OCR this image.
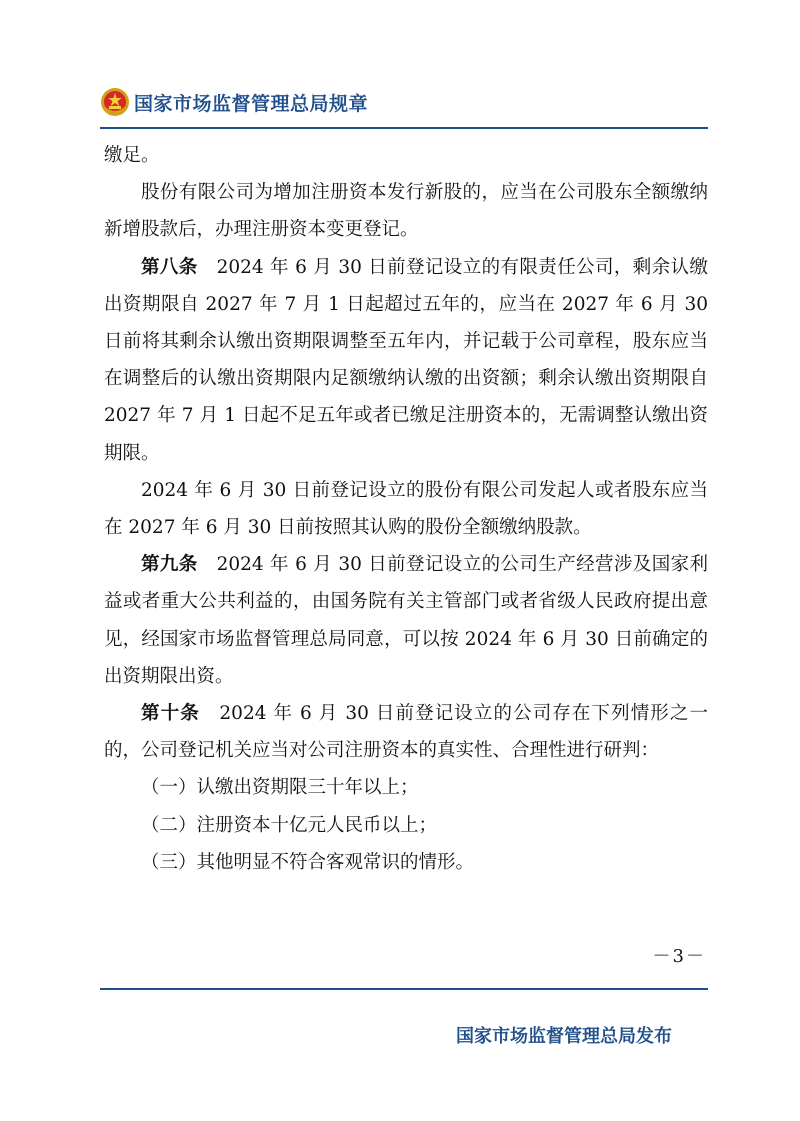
国家市场监督管理总局规章

缴足。

股份有限公司为增加注册资本发行新股的，应当在公司股东全额缴纳新增股款后，办理注册资本变更登记。

第八条　2024 年 6 月 30 日前登记设立的有限责任公司，剩余认缴出资期限自 2027 年 7 月 1 日起超过五年的，应当在 2027 年 6 月 30 日前将其剩余认缴出资期限调整至五年内，并记载于公司章程，股东应当在调整后的认缴出资期限内足额缴纳认缴的出资额；剩余认缴出资期限自 2027 年 7 月 1 日起不足五年或者已缴足注册资本的，无需调整认缴出资期限。

2024 年 6 月 30 日前登记设立的股份有限公司发起人或者股东应当在 2027 年 6 月 30 日前按照其认购的股份全额缴纳股款。

第九条　2024 年 6 月 30 日前登记设立的公司生产经营涉及国家利益或者重大公共利益的，由国务院有关主管部门或者省级人民政府提出意见，经国家市场监督管理总局同意，可以按 2024 年 6 月 30 日前确定的出资期限出资。

第十条　2024 年 6 月 30 日前登记设立的公司存在下列情形之一的，公司登记机关应当对公司注册资本的真实性、合理性进行研判：

（一）认缴出资期限三十年以上；

（二）注册资本十亿元人民币以上；

（三）其他明显不符合客观常识的情形。

－3－
国家市场监督管理总局发布
